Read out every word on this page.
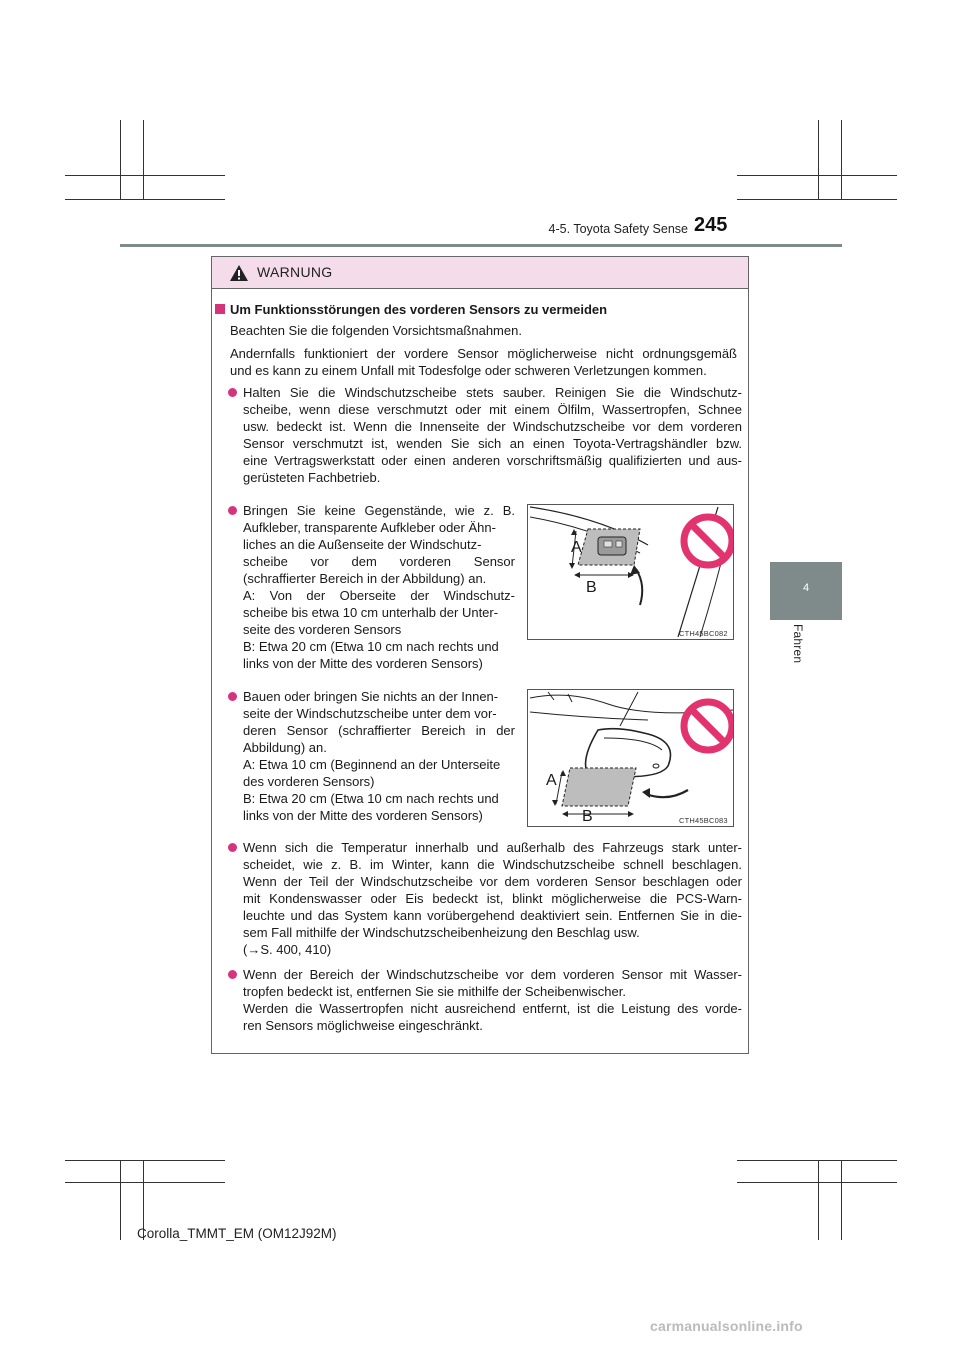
4-5. Toyota Safety Sense 245
4
Fahren
WARNUNG
Um Funktionsstörungen des vorderen Sensors zu vermeiden
Beachten Sie die folgenden Vorsichtsmaßnahmen.
Andernfalls funktioniert der vordere Sensor möglicherweise nicht ordnungsgemäß
und es kann zu einem Unfall mit Todesfolge oder schweren Verletzungen kommen.
Halten Sie die Windschutzscheibe stets sauber. Reinigen Sie die Windschutz-
scheibe, wenn diese verschmutzt oder mit einem Ölfilm, Wassertropfen, Schnee
usw. bedeckt ist. Wenn die Innenseite der Windschutzscheibe vor dem vorderen
Sensor verschmutzt ist, wenden Sie sich an einen Toyota-Vertragshändler bzw.
eine Vertragswerkstatt oder einen anderen vorschriftsmäßig qualifizierten und aus-
gerüsteten Fachbetrieb.
Bringen Sie keine Gegenstände, wie z. B.
Aufkleber, transparente Aufkleber oder Ähn-
liches an die Außenseite der Windschutz-
scheibe vor dem vorderen Sensor
(schraffierter Bereich in der Abbildung) an.
A: Von der Oberseite der Windschutz-
scheibe bis etwa 10 cm unterhalb der Unter-
seite des vorderen Sensors
B: Etwa 20 cm (Etwa 10 cm nach rechts und
links von der Mitte des vorderen Sensors)
CTH45BC082
A
B
Bauen oder bringen Sie nichts an der Innen-
seite der Windschutzscheibe unter dem vor-
deren Sensor (schraffierter Bereich in der
Abbildung) an.
A: Etwa 10 cm (Beginnend an der Unterseite
des vorderen Sensors)
B: Etwa 20 cm (Etwa 10 cm nach rechts und
links von der Mitte des vorderen Sensors)	CTH45BC083
A
B
Wenn sich die Temperatur innerhalb und außerhalb des Fahrzeugs stark unter-
scheidet, wie z. B. im Winter, kann die Windschutzscheibe schnell beschlagen.
Wenn der Teil der Windschutzscheibe vor dem vorderen Sensor beschlagen oder
mit Kondenswasser oder Eis bedeckt ist, blinkt möglicherweise die PCS-Warn-
leuchte und das System kann vorübergehend deaktiviert sein. Entfernen Sie in die-
sem Fall mithilfe der Windschutzscheibenheizung den Beschlag usw.
(→S. 400, 410)
Wenn der Bereich der Windschutzscheibe vor dem vorderen Sensor mit Wasser-
tropfen bedeckt ist, entfernen Sie sie mithilfe der Scheibenwischer.
Werden die Wassertropfen nicht ausreichend entfernt, ist die Leistung des vorde-
ren Sensors möglichweise eingeschränkt.
Corolla_TMMT_EM (OM12J92M)
carmanualsonline.info
